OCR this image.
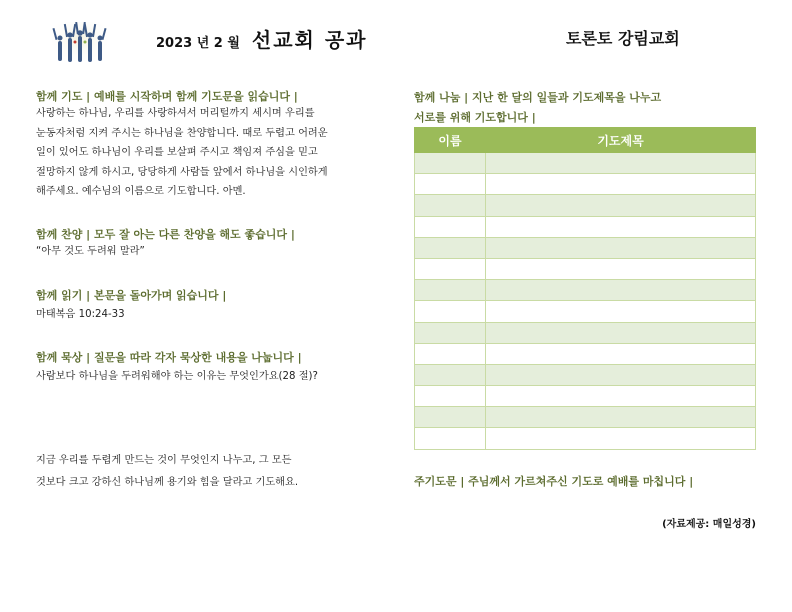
2023 년 2 월 선교회 공과	토론토 강림교회
함께 기도 | 예배를 시작하며 함께 기도문을 읽습니다 |
사랑하는 하나님, 우리를 사랑하셔서 머리털까지 세시며 우리를
눈동자처럼 지켜 주시는 하나님을 찬양합니다. 때로 두렵고 어려운
일이 있어도 하나님이 우리를 보살펴 주시고 책임져 주심을 믿고
절망하지 않게 하시고, 당당하게 사람들 앞에서 하나님을 시인하게
해주세요. 예수님의 이름으로 기도합니다. 아멘.
함께 찬양 | 모두 잘 아는 다른 찬양을 해도 좋습니다 |
“아무 것도 두려워 말라”
함께 읽기 | 본문을 돌아가며 읽습니다 |
마태복음 10:24-33
함께 묵상 | 질문을 따라 각자 묵상한 내용을 나눕니다 |
사람보다 하나님을 두려워해야 하는 이유는 무엇인가요(28 절)?
지금 우리를 두렵게 만드는 것이 무엇인지 나누고, 그 모든
것보다 크고 강하신 하나님께 용기와 힘을 달라고 기도해요.
함께 나눔 | 지난 한 달의 일들과 기도제목을 나누고
서로를 위해 기도합니다 |
이름	기도제목

주기도문 | 주님께서 가르쳐주신 기도로 예배를 마칩니다 |
(자료제공: 매일성경)
